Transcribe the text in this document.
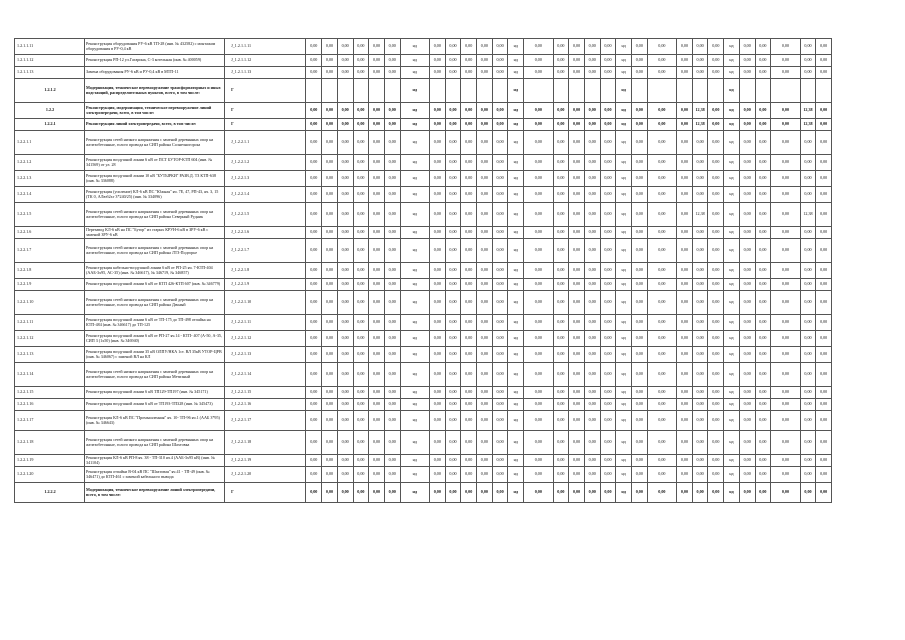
1.2.1.1.11	Реконструкция оборудования РУ-6 кВ ТП-28 (инв. № 432582) с монтажом оборудования в РУ-0,4 кВ	J_1.2.1.1.11	0,00	0,00	0,00	0,00	0,00	0,00	нд	0,00	0,00	0,00	0,00	0,00	нд	0,00	0,00	0,00	0,00	0,00	нд	0,00	0,00	0,00	0,00	0,00	нд	0,00	0,00	0,00	0,00	0,00
1.2.1.1.12	Реконструкция РП-12 ул.Гагарина, С-3 котельная (инв. № 400059)	J_1.2.1.1.12	0,00	0,00	0,00	0,00	0,00	0,00	нд	0,00	0,00	0,00	0,00	0,00	нд	0,00	0,00	0,00	0,00	0,00	нд	0,00	0,00	0,00	0,00	0,00	нд	0,00	0,00	0,00	0,00	0,00
1.2.1.1.13	Замена оборудования РУ-6 кВ и РУ-0,4 кВ в МТП-11	J_1.2.1.1.13	0,00	0,00	0,00	0,00	0,00	0,00	нд	0,00	0,00	0,00	0,00	0,00	нд	0,00	0,00	0,00	0,00	0,00	нд	0,00	0,00	0,00	0,00	0,00	нд	0,00	0,00	0,00	0,00	0,00
1.2.1.2	Модернизация, техническое перевооружение трансформаторных и иных подстанций, распределительных пунктов, всего, в том числе:	Г							нд						нд						нд						нд					
1.2.2	Реконструкция, модернизация, техническое перевооружение линий электропередачи, всего, в том числе:	Г	0,00	0,00	0,00	0,00	0,00	0,00	нд	0,00	0,00	0,00	0,00	0,00	нд	0,00	0,00	0,00	0,00	0,00	нд	0,00	0,00	0,00	12,38	0,00	нд	0,00	0,00	0,00	12,38	0,00
1.2.2.1	Реконструкция линий электропередачи, всего, в том числе:	Г	0,00	0,00	0,00	0,00	0,00	0,00	нд	0,00	0,00	0,00	0,00	0,00	нд	0,00	0,00	0,00	0,00	0,00	нд	0,00	0,00	0,00	12,38	0,00	нд	0,00	0,00	0,00	12,38	0,00
1.2.2.1.1	Реконструкция сетей низкого напряжения с заменой деревянных опор на железобетонные, голого провода на СИП района Солнечногорска	J_1.2.2.1.1	0,00	0,00	0,00	0,00	0,00	0,00	нд	0,00	0,00	0,00	0,00	0,00	нд	0,00	0,00	0,00	0,00	0,00	нд	0,00	0,00	0,00	0,00	0,00	нд	0,00	0,00	0,00	0,00	0,00
1.2.2.1.2	Реконструкция воздушной линии 6 кВ от ПСТ БУТОР-КТП 604 (инв. № 341569) от ул. 28	J_1.2.2.1.2	0,00	0,00	0,00	0,00	0,00	0,00	нд	0,00	0,00	0,00	0,00	0,00	нд	0,00	0,00	0,00	0,00	0,00	нд	0,00	0,00	0,00	0,00	0,00	нд	0,00	0,00	0,00	0,00	0,00
1.2.2.1.3	Реконструкция воздушной линии 10 кВ "БУТЫРКИ" РАЗВ.Д. ТЗ КТП-638 (инв. № 336088)	J_1.2.2.1.3	0,00	0,00	0,00	0,00	0,00	0,00	нд	0,00	0,00	0,00	0,00	0,00	нд	0,00	0,00	0,00	0,00	0,00	нд	0,00	0,00	0,00	0,00	0,00	нд	0,00	0,00	0,00	0,00	0,00
1.2.2.1.4	Реконструкция (усиление) КЛ-6 кВ ПС "Южная" яч. 7Е, 47, РП-43, яч. 3, 15 (ТК 0, АЛюб2хг 3*240/25) (инв. № 334096)	J_1.2.2.1.4	0,00	0,00	0,00	0,00	0,00	0,00	нд	0,00	0,00	0,00	0,00	0,00	нд	0,00	0,00	0,00	0,00	0,00	нд	0,00	0,00	0,00	0,00	0,00	нд	0,00	0,00	0,00	0,00	0,00
1.2.2.1.5	Реконструкция сетей низкого напряжения с заменой деревянных опор на железобетонные, голого провода на СИП района Северный Рудник	J_1.2.2.1.5	0,00	0,00	0,00	0,00	0,00	0,00	нд	0,00	0,00	0,00	0,00	0,00	нд	0,00	0,00	0,00	0,00	0,00	нд	0,00	0,00	0,00	12,38	0,00	нд	0,00	0,00	0,00	12,38	0,00
1.2.2.1.6	Перезавод КЛ-6 кВ на ПС "Бутор" из старых КРУН-6 кВ в ЗРУ-6 кВ с заменой ЗРУ-6 кВ	J_1.2.2.1.6	0,00	0,00	0,00	0,00	0,00	0,00	нд	0,00	0,00	0,00	0,00	0,00	нд	0,00	0,00	0,00	0,00	0,00	нд	0,00	0,00	0,00	0,00	0,00	нд	0,00	0,00	0,00	0,00	0,00
1.2.2.1.7	Реконструкция сетей низкого напряжения с заменой деревянных опор на железобетонные, голого провода на СИП района ЛТЗ-Подгорье	J_1.2.2.1.7	0,00	0,00	0,00	0,00	0,00	0,00	нд	0,00	0,00	0,00	0,00	0,00	нд	0,00	0,00	0,00	0,00	0,00	нд	0,00	0,00	0,00	0,00	0,00	нд	0,00	0,00	0,00	0,00	0,00
1.2.2.1.8	Реконструкция кабельно-воздушной линии 6 кВ от РП-25 яч. 7-КТП-404 (ААБ-3х95, АС-35) (инв. № 346617), № 346719, № 346857)	J_1.2.2.1.8	0,00	0,00	0,00	0,00	0,00	0,00	нд	0,00	0,00	0,00	0,00	0,00	нд	0,00	0,00	0,00	0,00	0,00	нд	0,00	0,00	0,00	0,00	0,00	нд	0,00	0,00	0,00	0,00	0,00
1.2.2.1.9	Реконструкция воздушной линии 6 кВ от КТП 426-КТП 607 (инв. № 346779)	J_1.2.2.1.9	0,00	0,00	0,00	0,00	0,00	0,00	нд	0,00	0,00	0,00	0,00	0,00	нд	0,00	0,00	0,00	0,00	0,00	нд	0,00	0,00	0,00	0,00	0,00	нд	0,00	0,00	0,00	0,00	0,00
1.2.2.1.10	Реконструкция сетей низкого напряжения с заменой деревянных опор на железобетонные, голого провода на СИП района Дачный	J_1.2.2.1.10	0,00	0,00	0,00	0,00	0,00	0,00	нд	0,00	0,00	0,00	0,00	0,00	нд	0,00	0,00	0,00	0,00	0,00	нд	0,00	0,00	0,00	0,00	0,00	нд	0,00	0,00	0,00	0,00	0,00
1.2.2.1.11	Реконструкция воздушной линии 6 кВ от ТП-175 до ТП-498 отпайка на КТП-484 (инв. № 346617) до ТП-125	J_1.2.2.1.11	0,00	0,00	0,00	0,00	0,00	0,00	нд	0,00	0,00	0,00	0,00	0,00	нд	0,00	0,00	0,00	0,00	0,00	нд	0,00	0,00	0,00	0,00	0,00	нд	0,00	0,00	0,00	0,00	0,00
1.2.2.1.12	Реконструкция воздушной линии 6 кВ от РП-27 яч.14 - КТП- 407 (А-50, А-35, СИП 3 (1х50) (инв. № 346940)	J_1.2.2.1.12	0,00	0,00	0,00	0,00	0,00	0,00	нд	0,00	0,00	0,00	0,00	0,00	нд	0,00	0,00	0,00	0,00	0,00	нд	0,00	0,00	0,00	0,00	0,00	нд	0,00	0,00	0,00	0,00	0,00
1.2.2.1.13	Реконструкция воздушной линии 35 кВ ОЛПУ/НКА 1ст. ВЛ 35кВ УТОР-ЦРВ (инв. № 346067) с заменой ВЛ на КЛ	J_1.2.2.1.13	0,00	0,00	0,00	0,00	0,00	0,00	нд	0,00	0,00	0,00	0,00	0,00	нд	0,00	0,00	0,00	0,00	0,00	нд	0,00	0,00	0,00	0,00	0,00	нд	0,00	0,00	0,00	0,00	0,00
1.2.2.1.14	Реконструкция сетей низкого напряжения с заменой деревянных опор на железобетонные, голого провода на СИП района Метизный	J_1.2.2.1.14	0,00	0,00	0,00	0,00	0,00	0,00	нд	0,00	0,00	0,00	0,00	0,00	нд	0,00	0,00	0,00	0,00	0,00	нд	0,00	0,00	0,00	0,00	0,00	нд	0,00	0,00	0,00	0,00	0,00
1.2.2.1.15	Реконструкция воздушной линии 6 кВ ТП129-ТП197 (инв. № 345171)	J_1.2.2.1.15	0,00	0,00	0,00	0,00	0,00	0,00	нд	0,00	0,00	0,00	0,00	0,00	нд	0,00	0,00	0,00	0,00	0,00	нд	0,00	0,00	0,00	0,00	0,00	нд	0,00	0,00	0,00	0,00	0,00
1.2.2.1.16	Реконструкция воздушной линии 6 кВ от ТП193-ТП328 (инв. № 345473)	J_1.2.2.1.16	0,00	0,00	0,00	0,00	0,00	0,00	нд	0,00	0,00	0,00	0,00	0,00	нд	0,00	0,00	0,00	0,00	0,00	нд	0,00	0,00	0,00	0,00	0,00	нд	0,00	0,00	0,00	0,00	0,00
1.2.2.1.17	Реконструкция КЛ-6 кВ ПС "Промышленная" яч. 10- ТП-96 яч.1 (ААБ 3*95) (инв. № 346643)	J_1.2.2.1.17	0,00	0,00	0,00	0,00	0,00	0,00	нд	0,00	0,00	0,00	0,00	0,00	нд	0,00	0,00	0,00	0,00	0,00	нд	0,00	0,00	0,00	0,00	0,00	нд	0,00	0,00	0,00	0,00	0,00
1.2.2.1.18	Реконструкция сетей низкого напряжения с заменой деревянных опор на железобетонные, голого провода на СИП района Шахтовка	J_1.2.2.1.18	0,00	0,00	0,00	0,00	0,00	0,00	нд	0,00	0,00	0,00	0,00	0,00	нд	0,00	0,00	0,00	0,00	0,00	нд	0,00	0,00	0,00	0,00	0,00	нд	0,00	0,00	0,00	0,00	0,00
1.2.2.1.19	Реконструкция КЛ-6 кВ РП-8 яч. 38 - ТП-310 яч.4 (ААБ-3х95 кВ) (инв. № 341104)	J_1.2.2.1.19	0,00	0,00	0,00	0,00	0,00	0,00	нд	0,00	0,00	0,00	0,00	0,00	нд	0,00	0,00	0,00	0,00	0,00	нд	0,00	0,00	0,00	0,00	0,00	нд	0,00	0,00	0,00	0,00	0,00
1.2.2.1.20	Реконструкция отпайки В-04 кВ ПС "Шахтовая" яч.41 - ТП-49 (инв. № 346471) до КТП-461 с заменой кабельного вывода	J_1.2.2.1.20	0,00	0,00	0,00	0,00	0,00	0,00	нд	0,00	0,00	0,00	0,00	0,00	нд	0,00	0,00	0,00	0,00	0,00	нд	0,00	0,00	0,00	0,00	0,00	нд	0,00	0,00	0,00	0,00	0,00
1.2.2.2	Модернизация, техническое перевооружение линий электропередачи, всего, в том числе:	Г	0,00	0,00	0,00	0,00	0,00	0,00	нд	0,00	0,00	0,00	0,00	0,00	нд	0,00	0,00	0,00	0,00	0,00	нд	0,00	0,00	0,00	0,00	0,00	нд	0,00	0,00	0,00	0,00	0,00
